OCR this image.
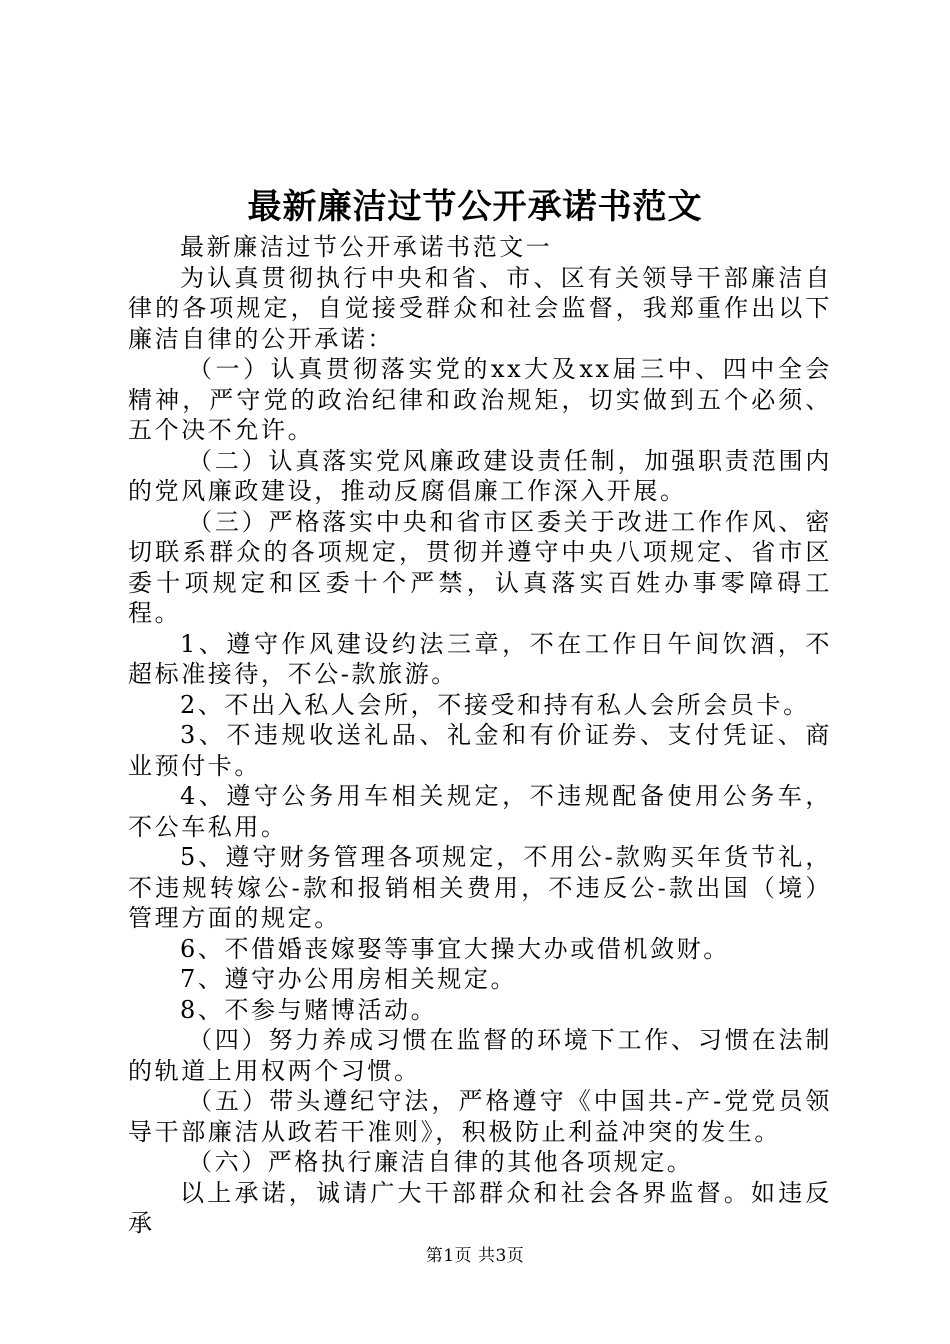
最新廉洁过节公开承诺书范文

最新廉洁过节公开承诺书范文一

为认真贯彻执行中央和省、市、区有关领导干部廉洁自律的各项规定，自觉接受群众和社会监督，我郑重作出以下廉洁自律的公开承诺：

（一）认真贯彻落实党的xx大及xx届三中、四中全会精神，严守党的政治纪律和政治规矩，切实做到五个必须、五个决不允许。

（二）认真落实党风廉政建设责任制，加强职责范围内的党风廉政建设，推动反腐倡廉工作深入开展。

（三）严格落实中央和省市区委关于改进工作作风、密切联系群众的各项规定，贯彻并遵守中央八项规定、省市区委十项规定和区委十个严禁，认真落实百姓办事零障碍工程。

1、遵守作风建设约法三章，不在工作日午间饮酒，不超标准接待，不公-款旅游。

2、不出入私人会所，不接受和持有私人会所会员卡。

3、不违规收送礼品、礼金和有价证券、支付凭证、商业预付卡。

4、遵守公务用车相关规定，不违规配备使用公务车，不公车私用。

5、遵守财务管理各项规定，不用公-款购买年货节礼，不违规转嫁公-款和报销相关费用，不违反公-款出国（境）管理方面的规定。

6、不借婚丧嫁娶等事宜大操大办或借机敛财。

7、遵守办公用房相关规定。

8、不参与赌博活动。

（四）努力养成习惯在监督的环境下工作、习惯在法制的轨道上用权两个习惯。

（五）带头遵纪守法，严格遵守《中国共-产-党党员领导干部廉洁从政若干准则》，积极防止利益冲突的发生。

（六）严格执行廉洁自律的其他各项规定。

以上承诺，诚请广大干部群众和社会各界监督。如违反承

第1页 共3页
